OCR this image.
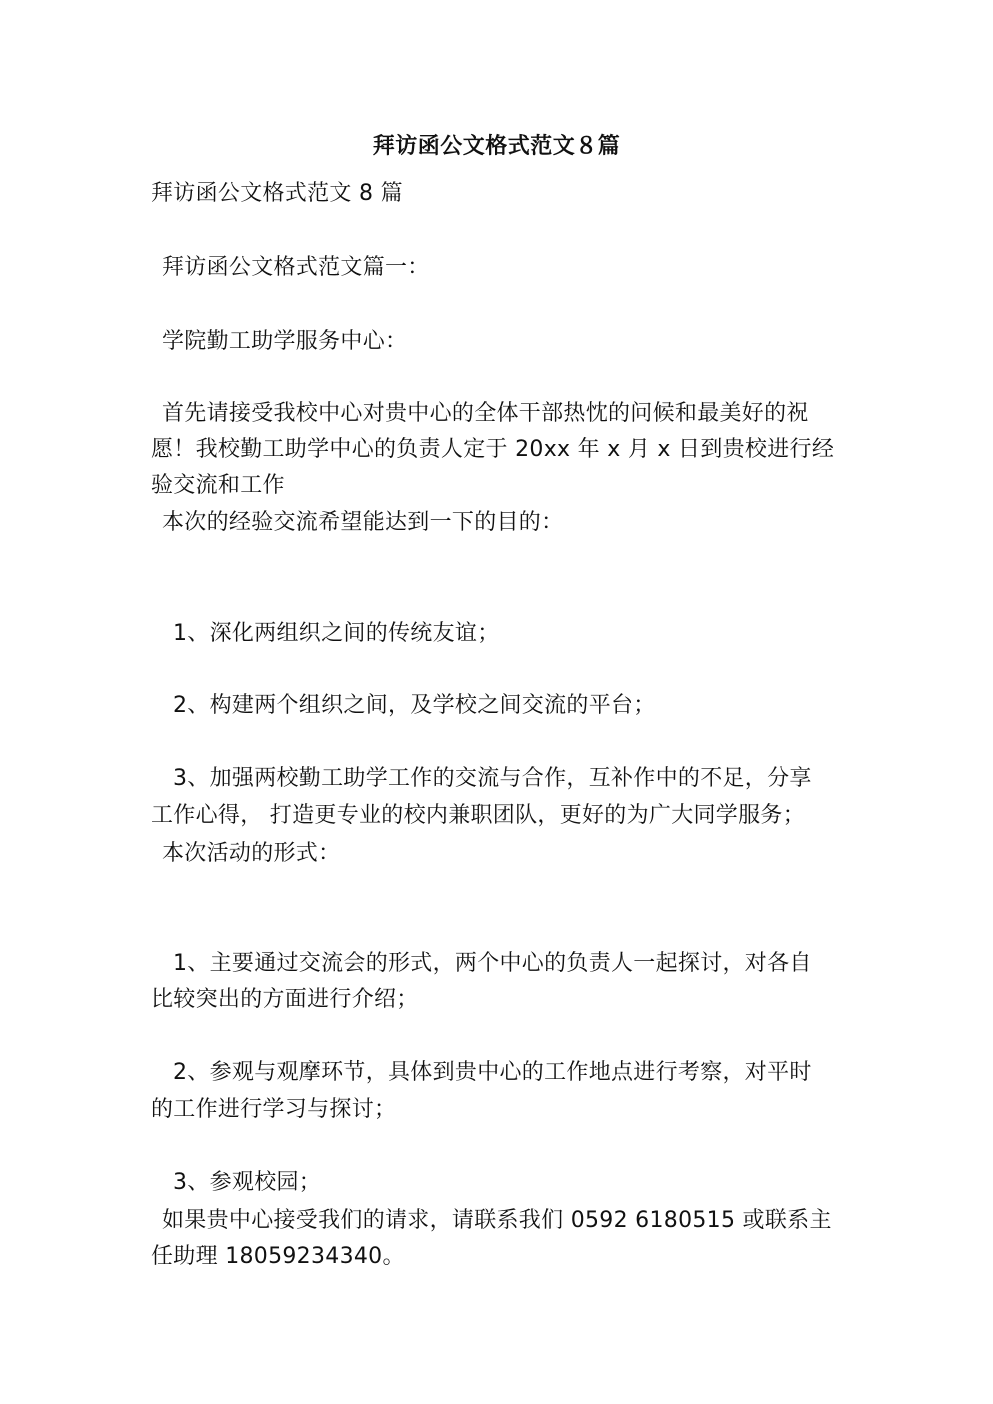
拜访函公文格式范文８篇
拜访函公文格式范文 8 篇
拜访函公文格式范文篇一：
学院勤工助学服务中心：
首先请接受我校中心对贵中心的全体干部热忱的问候和最美好的祝
愿！我校勤工助学中心的负责人定于 20xx 年 x 月 x 日到贵校进行经
验交流和工作
本次的经验交流希望能达到一下的目的：
1、深化两组织之间的传统友谊；
2、构建两个组织之间，及学校之间交流的平台；
3、加强两校勤工助学工作的交流与合作，互补作中的不足，分享
工作心得， 打造更专业的校内兼职团队，更好的为广大同学服务；
本次活动的形式：
1、主要通过交流会的形式，两个中心的负责人一起探讨，对各自
比较突出的方面进行介绍；
2、参观与观摩环节，具体到贵中心的工作地点进行考察，对平时
的工作进行学习与探讨；
3、参观校园；
如果贵中心接受我们的请求，请联系我们 0592 6180515 或联系主
任助理 18059234340。
